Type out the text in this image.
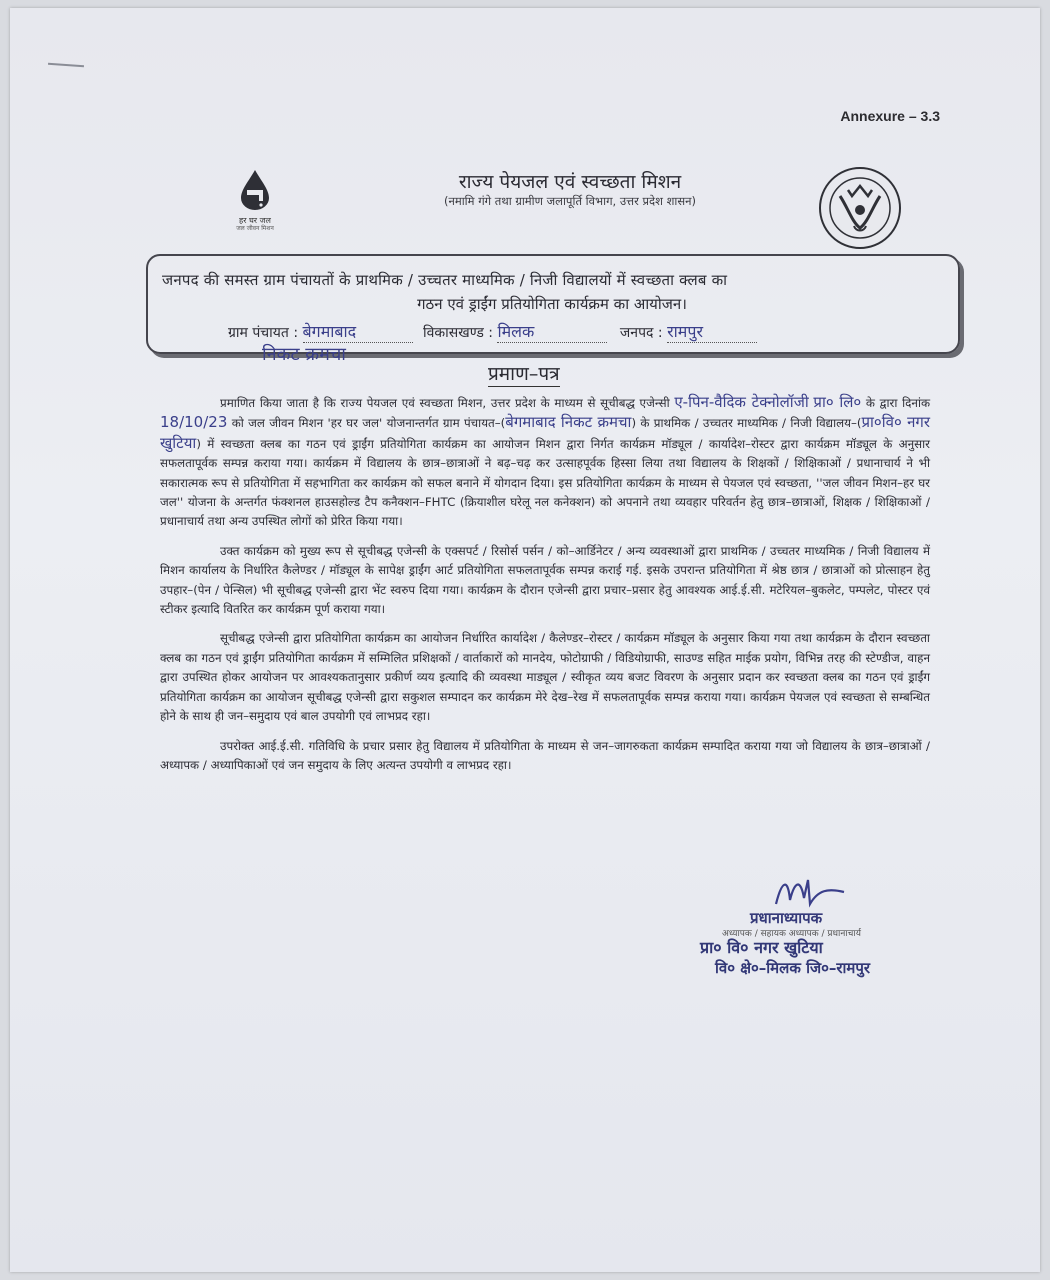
Annexure – 3.3
हर घर जल
जल जीवन मिशन
राज्य पेयजल एवं स्वच्छता मिशन
(नमामि गंगे तथा ग्रामीण जलापूर्ति विभाग, उत्तर प्रदेश शासन)
जनपद की समस्त ग्राम पंचायतों के प्राथमिक / उच्चतर माध्यमिक / निजी विद्यालयों में स्वच्छता क्लब का
गठन एवं ड्राईंग प्रतियोगिता कार्यक्रम का आयोजन।
ग्राम पंचायत : बेगमाबाद	विकासखण्ड : मिलक	जनपद : रामपुर
निकट क्रमचा
प्रमाण–पत्र

प्रमाणित किया जाता है कि राज्य पेयजल एवं स्वच्छता मिशन, उत्तर प्रदेश के माध्यम से सूचीबद्ध एजेन्सी ए-पिन-वैदिक टेक्नोलॉजी प्रा० लि० के द्वारा दिनांक 18/10/23 को जल जीवन मिशन 'हर घर जल' योजनान्तर्गत ग्राम पंचायत–(बेगमाबाद निकट क्रमचा) के प्राथमिक / उच्चतर माध्यमिक / निजी विद्यालय–(प्रा०वि० नगर खुटिया) में स्वच्छता क्लब का गठन एवं ड्राईंग प्रतियोगिता कार्यक्रम का आयोजन मिशन द्वारा निर्गत कार्यक्रम मॉड्यूल / कार्यादेश–रोस्टर द्वारा कार्यक्रम मॉड्यूल के अनुसार सफलतापूर्वक सम्पन्न कराया गया। कार्यक्रम में विद्यालय के छात्र–छात्राओं ने बढ़–चढ़ कर उत्साहपूर्वक हिस्सा लिया तथा विद्यालय के शिक्षकों / शिक्षिकाओं / प्रधानाचार्य ने भी सकारात्मक रूप से प्रतियोगिता में सहभागिता कर कार्यक्रम को सफल बनाने में योगदान दिया। इस प्रतियोगिता कार्यक्रम के माध्यम से पेयजल एवं स्वच्छता, ''जल जीवन मिशन–हर घर जल'' योजना के अन्तर्गत फंक्शनल हाउसहोल्ड टैप कनैक्शन–FHTC (क्रियाशील घरेलू नल कनेक्शन) को अपनाने तथा व्यवहार परिवर्तन हेतु छात्र–छात्राओं, शिक्षक / शिक्षिकाओं / प्रधानाचार्य तथा अन्य उपस्थित लोगों को प्रेरित किया गया।

उक्त कार्यक्रम को मुख्य रूप से सूचीबद्ध एजेन्सी के एक्सपर्ट / रिसोर्स पर्सन / को–आर्डिनेटर / अन्य व्यवस्थाओं द्वारा प्राथमिक / उच्चतर माध्यमिक / निजी विद्यालय में मिशन कार्यालय के निर्धारित कैलेण्डर / मॉड्यूल के सापेक्ष ड्राईंग आर्ट प्रतियोगिता सफलतापूर्वक सम्पन्न कराई गई. इसके उपरान्त प्रतियोगिता में श्रेष्ठ छात्र / छात्राओं को प्रोत्साहन हेतु उपहार–(पेन / पेन्सिल) भी सूचीबद्ध एजेन्सी द्वारा भेंट स्वरुप दिया गया। कार्यक्रम के दौरान एजेन्सी द्वारा प्रचार–प्रसार हेतु आवश्यक आई.ई.सी. मटेरियल–बुकलेट, पम्पलेट, पोस्टर एवं स्टीकर इत्यादि वितरित कर कार्यक्रम पूर्ण कराया गया।

सूचीबद्ध एजेन्सी द्वारा प्रतियोगिता कार्यक्रम का आयोजन निर्धारित कार्यादेश / कैलेण्डर–रोस्टर / कार्यक्रम मॉड्यूल के अनुसार किया गया तथा कार्यक्रम के दौरान स्वच्छता क्लब का गठन एवं ड्राईंग प्रतियोगिता कार्यक्रम में सम्मिलित प्रशिक्षकों / वार्ताकारों को मानदेय, फोटोग्राफी / विडियोग्राफी, साउण्ड सहित माईक प्रयोग, विभिन्न तरह की स्टेण्डीज, वाहन द्वारा उपस्थित होकर आयोजन पर आवश्यकतानुसार प्रकीर्ण व्यय इत्यादि की व्यवस्था माड्यूल / स्वीकृत व्यय बजट विवरण के अनुसार प्रदान कर स्वच्छता क्लब का गठन एवं ड्राईंग प्रतियोगिता कार्यक्रम का आयोजन सूचीबद्ध एजेन्सी द्वारा सकुशल सम्पादन कर कार्यक्रम मेरे देख–रेख में सफलतापूर्वक सम्पन्न कराया गया। कार्यक्रम पेयजल एवं स्वच्छता से सम्बन्धित होने के साथ ही जन–समुदाय एवं बाल उपयोगी एवं लाभप्रद रहा।

उपरोक्त आई.ई.सी. गतिविधि के प्रचार प्रसार हेतु विद्यालय में प्रतियोगिता के माध्यम से जन–जागरुकता कार्यक्रम सम्पादित कराया गया जो विद्यालय के छात्र–छात्राओं / अध्यापक / अध्यापिकाओं एवं जन समुदाय के लिए अत्यन्त उपयोगी व लाभप्रद रहा।

प्रधानाध्यापक
अध्यापक / सहायक अध्यापक / प्रधानाचार्य
प्रा० वि० नगर खुटिया
वि० क्षे०–मिलक जि०–रामपुर
